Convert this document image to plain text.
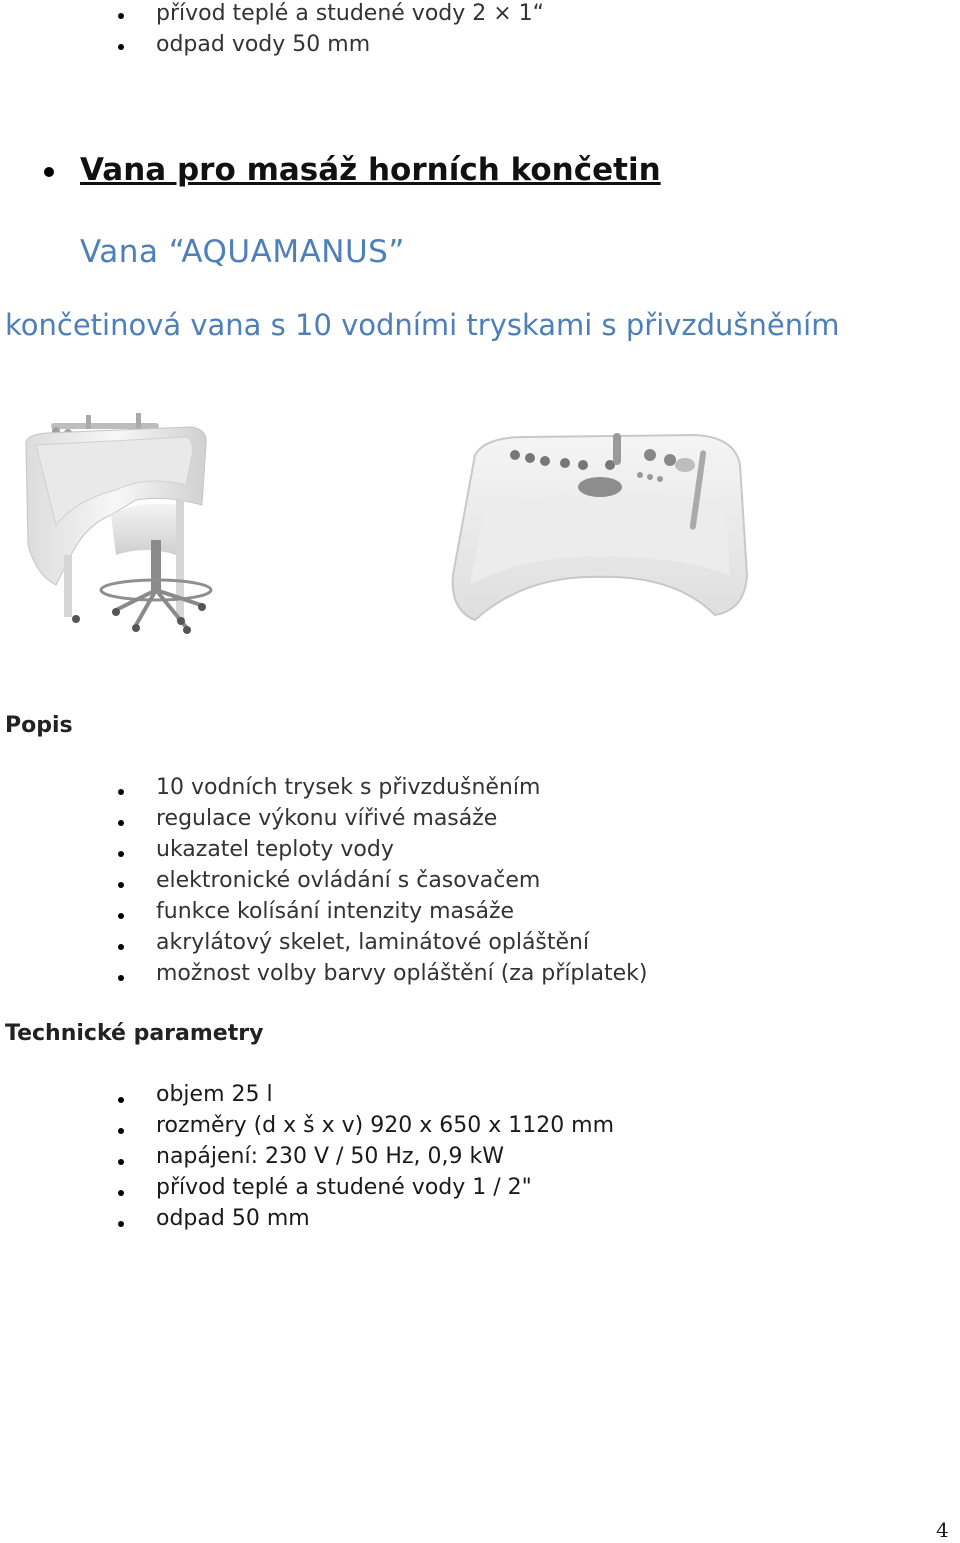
přívod teplé a studené vody 2 × 1“
odpad vody 50 mm
Vana pro masáž horních končetin
Vana “AQUAMANUS”
končetinová vana s 10 vodními tryskami s přivzdušněním
Popis
10 vodních trysek s přivzdušněním
regulace výkonu vířivé masáže
ukazatel teploty vody
elektronické ovládání s časovačem
funkce kolísání intenzity masáže
akrylátový skelet, laminátové opláštění
možnost volby barvy opláštění (za příplatek)
Technické parametry
objem 25 l
rozměry (d x š x v) 920 x 650 x 1120 mm
napájení: 230 V / 50 Hz, 0,9 kW
přívod teplé a studené vody 1 / 2"
odpad 50 mm
4
